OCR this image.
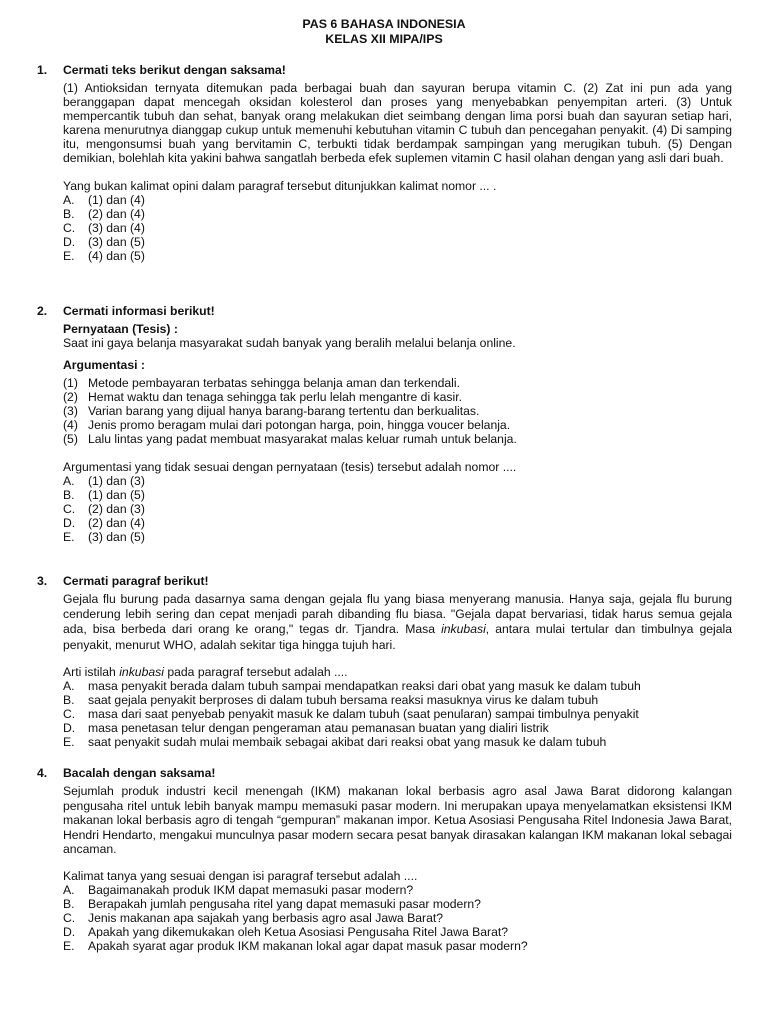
PAS 6 BAHASA INDONESIA
KELAS XII MIPA/IPS
1. Cermati teks berikut dengan saksama!

(1) Antioksidan ternyata ditemukan pada berbagai buah dan sayuran berupa vitamin C. (2) Zat ini pun ada yang beranggapan dapat mencegah oksidan kolesterol dan proses yang menyebabkan penyempitan arteri. (3) Untuk mempercantik tubuh dan sehat, banyak orang melakukan diet seimbang dengan lima porsi buah dan sayuran setiap hari, karena menurutnya dianggap cukup untuk memenuhi kebutuhan vitamin C tubuh dan pencegahan penyakit. (4) Di samping itu, mengonsumsi buah yang bervitamin C, terbukti tidak berdampak sampingan yang merugikan tubuh. (5) Dengan demikian, bolehlah kita yakini bahwa sangatlah berbeda efek suplemen vitamin C hasil olahan dengan yang asli dari buah.

Yang bukan kalimat opini dalam paragraf tersebut ditunjukkan kalimat nomor ... .
A.	(1) dan (4)
B.	(2) dan (4)
C.	(3) dan (4)
D.	(3) dan (5)
E.	(4) dan (5)
2. Cermati informasi berikut!
Pernyataan (Tesis) :
Saat ini gaya belanja masyarakat sudah banyak yang beralih melalui belanja online.
Argumentasi :
(1) Metode pembayaran terbatas sehingga belanja aman dan terkendali.
(2) Hemat waktu dan tenaga sehingga tak perlu lelah mengantre di kasir.
(3) Varian barang yang dijual hanya barang-barang tertentu dan berkualitas.
(4) Jenis promo beragam mulai dari potongan harga, poin, hingga voucer belanja.
(5) Lalu lintas yang padat membuat masyarakat malas keluar rumah untuk belanja.
Argumentasi yang tidak sesuai dengan pernyataan (tesis) tersebut adalah nomor ....
A.	(1) dan (3)
B.	(1) dan (5)
C.	(2) dan (3)
D.	(2) dan (4)
E.	(3) dan (5)
3. Cermati paragraf berikut!

Gejala flu burung pada dasarnya sama dengan gejala flu yang biasa menyerang manusia. Hanya saja, gejala flu burung cenderung lebih sering dan cepat menjadi parah dibanding flu biasa. "Gejala dapat bervariasi, tidak harus semua gejala ada, bisa berbeda dari orang ke orang," tegas dr. Tjandra. Masa inkubasi, antara mulai tertular dan timbulnya gejala penyakit, menurut WHO, adalah sekitar tiga hingga tujuh hari.

Arti istilah inkubasi pada paragraf tersebut adalah ....
A.	masa penyakit berada dalam tubuh sampai mendapatkan reaksi dari obat yang masuk ke dalam tubuh
B.	saat gejala penyakit berproses di dalam tubuh bersama reaksi masuknya virus ke dalam tubuh
C.	masa dari saat penyebab penyakit masuk ke dalam tubuh (saat penularan) sampai timbulnya penyakit
D.	masa penetasan telur dengan pengeraman atau pemanasan buatan yang dialiri listrik
E.	saat penyakit sudah mulai membaik sebagai akibat dari reaksi obat yang masuk ke dalam tubuh
4. Bacalah dengan saksama!

Sejumlah produk industri kecil menengah (IKM) makanan lokal berbasis agro asal Jawa Barat didorong kalangan pengusaha ritel untuk lebih banyak mampu memasuki pasar modern. Ini merupakan upaya menyelamatkan eksistensi IKM makanan lokal berbasis agro di tengah “gempuran” makanan impor. Ketua Asosiasi Pengusaha Ritel Indonesia Jawa Barat, Hendri Hendarto, mengakui munculnya pasar modern secara pesat banyak dirasakan kalangan IKM makanan lokal sebagai ancaman.

Kalimat tanya yang sesuai dengan isi paragraf tersebut adalah ....
A.	Bagaimanakah produk IKM dapat memasuki pasar modern?
B.	Berapakah jumlah pengusaha ritel yang dapat memasuki pasar modern?
C.	Jenis makanan apa sajakah yang berbasis agro asal Jawa Barat?
D.	Apakah yang dikemukakan oleh Ketua Asosiasi Pengusaha Ritel Jawa Barat?
E.	Apakah syarat agar produk IKM makanan lokal agar dapat masuk pasar modern?
